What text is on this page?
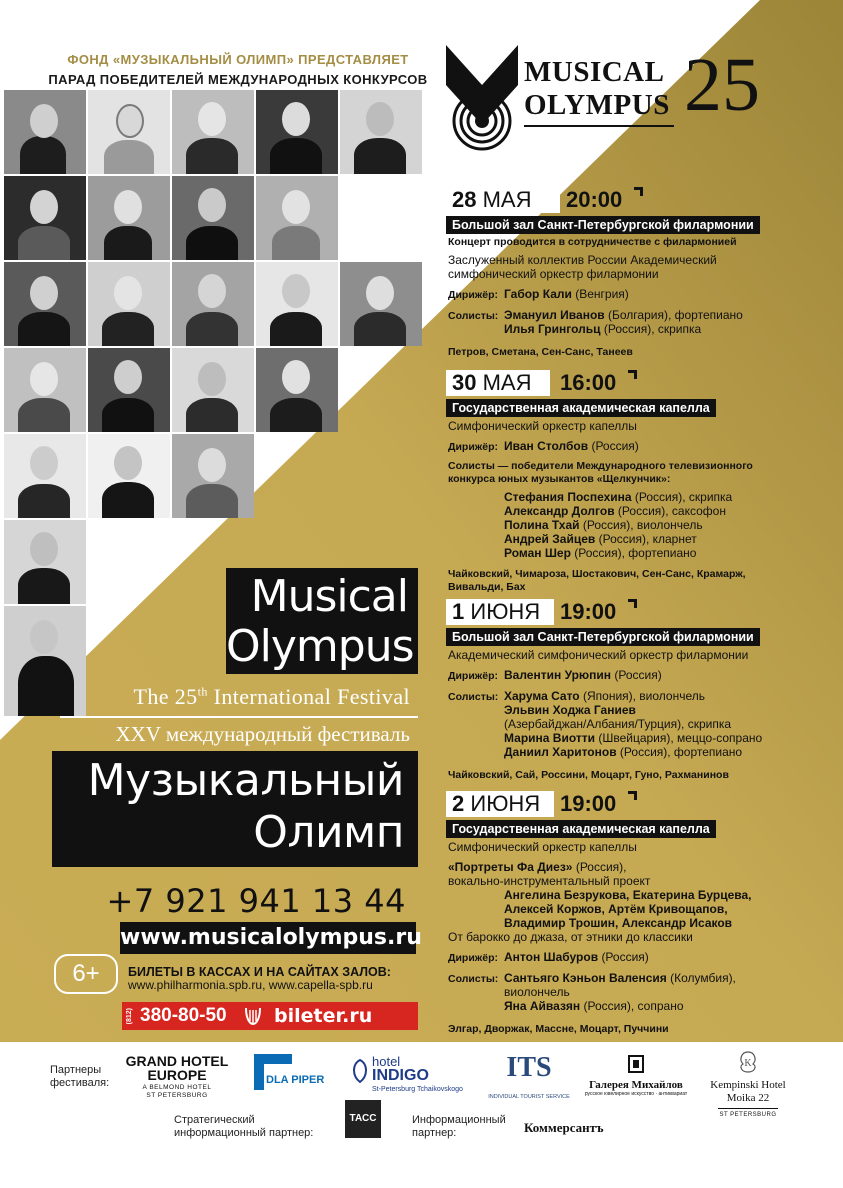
ФОНД «МУЗЫКАЛЬНЫЙ ОЛИМП» ПРЕДСТАВЛЯЕТ
ПАРАД ПОБЕДИТЕЛЕЙ МЕЖДУНАРОДНЫХ КОНКУРСОВ	MUSICAL
OLYMPUS 25
28 МАЯ	20:00
Большой зал Санкт-Петербургской филармонии
Концерт проводится в сотрудничестве с филармонией
Заслуженный коллектив России Академический
симфонический оркестр филармонии
Дирижёр: Габор Кали (Венгрия)
Солисты: Эмануил Иванов (Болгария), фортепиано
Илья Грингольц (Россия), скрипка
Петров, Сметана, Сен-Санс, Танеев
30 МАЯ	16:00
Государственная академическая капелла
Симфонический оркестр капеллы
Дирижёр: Иван Столбов (Россия)
Солисты — победители Международного телевизионного
конкурса юных музыкантов «Щелкунчик»:
Стефания Поспехина (Россия), скрипка
Александр Долгов (Россия), саксофон
Полина Тхай (Россия), виолончель
Андрей Зайцев (Россия), кларнет
Роман Шер (Россия), фортепиано
Чайковский, Чимароза, Шостакович, Сен-Санс, Крамарж,
Вивальди, Бах
1 ИЮНЯ 19:00
Большой зал Санкт-Петербургской филармонии
Академический симфонический оркестр филармонии
Дирижёр: Валентин Урюпин (Россия)
Солисты: Харума Сато (Япония), виолончель
Эльвин Ходжа Ганиев
(Азербайджан/Албания/Турция), скрипка
Марина Виотти (Швейцария), меццо-сопрано
Даниил Харитонов (Россия), фортепиано
Чайковский, Сай, Россини, Моцарт, Гуно, Рахманинов
2 ИЮНЯ 19:00
Государственная академическая капелла
Симфонический оркестр капеллы
«Портреты Фа Диез» (Россия),
вокально-инструментальный проект
Ангелина Безрукова, Екатерина Бурцева,
Алексей Коржов, Артём Кривощапов,
Владимир Трошин, Александр Исаков
От барокко до джаза, от этники до классики
Дирижёр: Антон Шабуров (Россия)
Солисты: Сантьяго Кэньон Валенсия (Колумбия),
виолончель
Яна Айвазян (Россия), сопрано
Элгар, Дворжак, Массне, Моцарт, Пуччини
Musical
Olympus
The 25th International Festival
XXV международный фестиваль
Музыкальный
Олимп
+7 921 941 13 44
www.musicalolympus.ru
6+	БИЛЕТЫ В КАССАХ И НА САЙТАХ ЗАЛОВ:
www.philharmonia.spb.ru, www.capella-spb.ru
(812) 380-80-50 bileter.ru
Партнеры фестиваля:
GRAND HOTEL
EUROPE
A BELMOND HOTEL
ST PETERSBURG
DLA PIPER
hotel
INDIGO
St-Petersburg Tchaikovskogo
ITS
INDIVIDUAL TOURIST SERVICE
Галерея Михайлов
русское ювелирное искусство · антиквариат
K
Kempinski Hotel
Moika 22
ST PETERSBURG
Стратегический информационный партнер:
ТАСС	Информационный партнер:	Коммерсантъ
